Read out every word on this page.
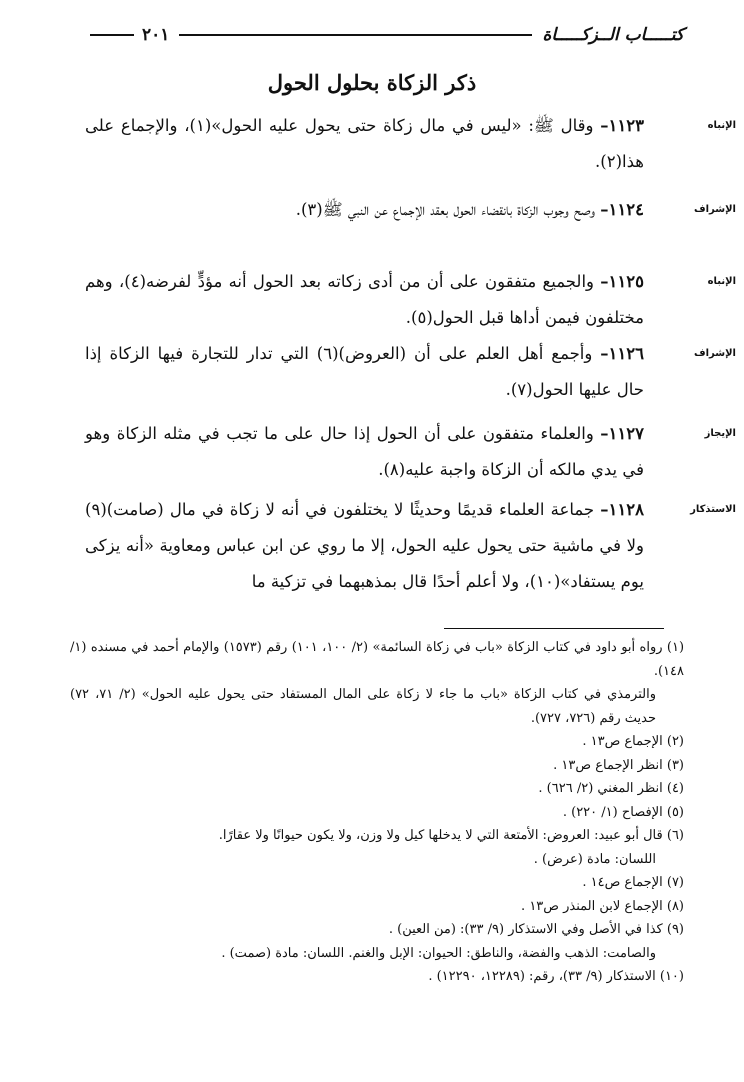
كتـــــاب الــزكـــــاة
٢٠١
ذكر الزكاة بحلول الحول
الإنباه

١١٢٣– وقال ﷺ: «ليس في مال زكاة حتى يحول عليه الحول»(١)، والإجماع على هذا(٢).

الإشراف

١١٢٤– وصح وجوب الزكاة بانقضاء الحول بعقد الإجماع عن النبي ﷺ(٣).

الإنباه

١١٢٥– والجميع متفقون على أن من أدى زكاته بعد الحول أنه مؤدٍّ لفرضه(٤)، وهم مختلفون فيمن أداها قبل الحول(٥).

الإشراف

١١٢٦– وأجمع أهل العلم على أن (العروض)(٦) التي تدار للتجارة فيها الزكاة إذا حال عليها الحول(٧).

الإيجاز

١١٢٧– والعلماء متفقون على أن الحول إذا حال على ما تجب في مثله الزكاة وهو في يدي مالكه أن الزكاة واجبة عليه(٨).

الاستذكار

١١٢٨– جماعة العلماء قديمًا وحديثًا لا يختلفون في أنه لا زكاة في مال (صامت)(٩) ولا في ماشية حتى يحول عليه الحول، إلا ما روي عن ابن عباس ومعاوية «أنه يزكى يوم يستفاد»(١٠)، ولا أعلم أحدًا قال بمذهبهما في تزكية ما

(١) رواه أبو داود في كتاب الزكاة «باب في زكاة السائمة» (٢/ ١٠٠، ١٠١) رقم (١٥٧٣) والإمام أحمد في مسنده (١/ ١٤٨).

والترمذي في كتاب الزكاة «باب ما جاء لا زكاة على المال المستفاد حتى يحول عليه الحول» (٢/ ٧١، ٧٢) حديث رقم (٧٢٦، ٧٢٧).

(٢) الإجماع ص١٣ .

(٣) انظر الإجماع ص١٣ .

(٤) انظر المغني (٢/ ٦٢٦) .

(٥) الإفصاح (١/ ٢٢٠) .

(٦) قال أبو عبيد: العروض: الأمتعة التي لا يدخلها كيل ولا وزن، ولا يكون حيوانًا ولا عقارًا.

اللسان: مادة (عرض) .

(٧) الإجماع ص١٤ .

(٨) الإجماع لابن المنذر ص١٣ .

(٩) كذا في الأصل وفي الاستذكار (٩/ ٣٣): (من العين) .

والصامت: الذهب والفضة، والناطق: الحيوان: الإبل والغنم. اللسان: مادة (صمت) .

(١٠) الاستذكار (٩/ ٣٣)، رقم: (١٢٢٨٩، ١٢٢٩٠) .
